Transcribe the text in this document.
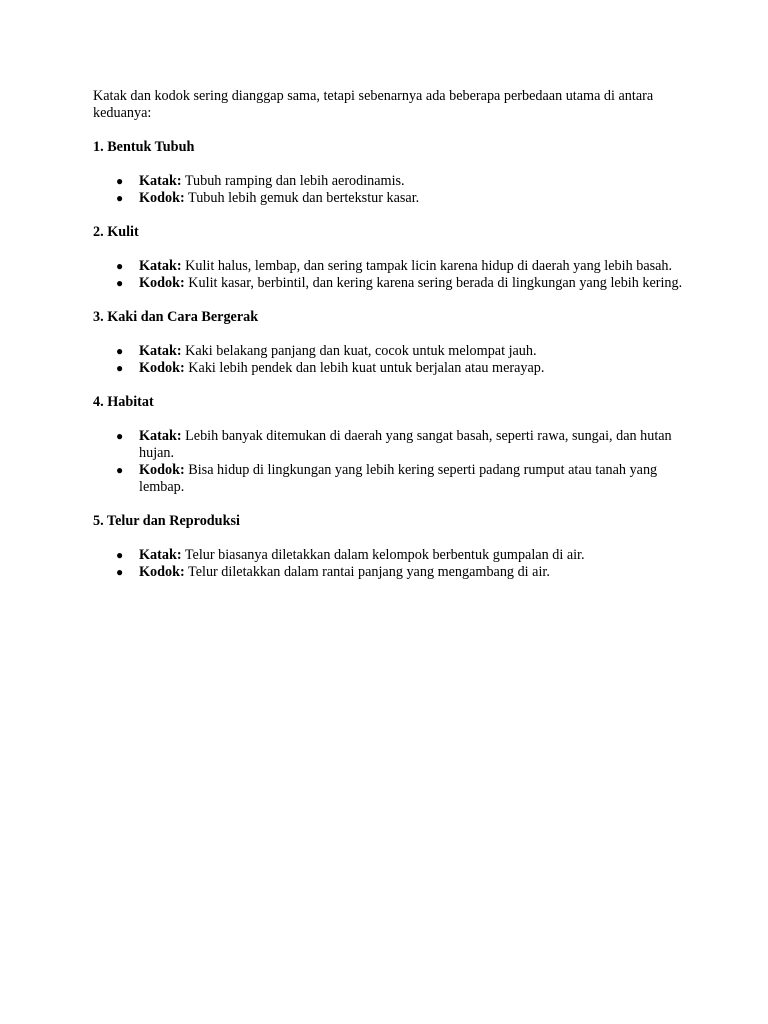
Katak dan kodok sering dianggap sama, tetapi sebenarnya ada beberapa perbedaan utama di antara keduanya:

1. Bentuk Tubuh

● Katak: Tubuh ramping dan lebih aerodinamis.
● Kodok: Tubuh lebih gemuk dan bertekstur kasar.

2. Kulit

● Katak: Kulit halus, lembap, dan sering tampak licin karena hidup di daerah yang lebih basah.
● Kodok: Kulit kasar, berbintil, dan kering karena sering berada di lingkungan yang lebih kering.

3. Kaki dan Cara Bergerak

● Katak: Kaki belakang panjang dan kuat, cocok untuk melompat jauh.
● Kodok: Kaki lebih pendek dan lebih kuat untuk berjalan atau merayap.

4. Habitat

● Katak: Lebih banyak ditemukan di daerah yang sangat basah, seperti rawa, sungai, dan hutan hujan.
● Kodok: Bisa hidup di lingkungan yang lebih kering seperti padang rumput atau tanah yang lembap.

5. Telur dan Reproduksi

● Katak: Telur biasanya diletakkan dalam kelompok berbentuk gumpalan di air.
● Kodok: Telur diletakkan dalam rantai panjang yang mengambang di air.
